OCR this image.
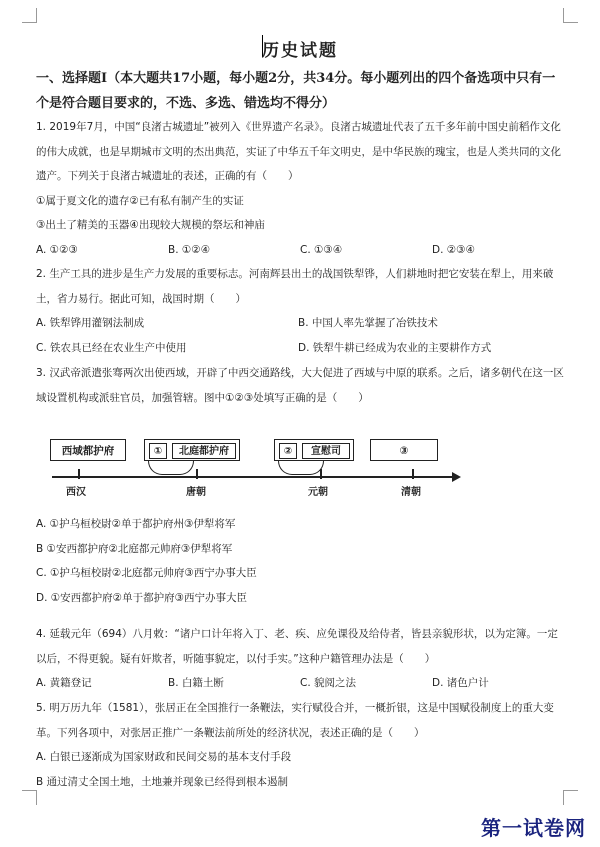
历史试题
一、选择题Ⅰ（本大题共17小题，每小题2分，共34分。每小题列出的四个备选项中只有一个是符合题目要求的，不选、多选、错选均不得分）

1. 2019年7月，中国“良渚古城遗址”被列入《世界遗产名录》。良渚古城遗址代表了五千多年前中国史前稻作文化的伟大成就，也是早期城市文明的杰出典范，实证了中华五千年文明史，是中华民族的瑰宝，也是人类共同的文化遗产。下列关于良渚古城遗址的表述，正确的有（　　）

①属于夏文化的遗存②已有私有制产生的实证

③出土了精美的玉器④出现较大规模的祭坛和神庙

A. ①②③	B. ①②④	C. ①③④	D. ②③④

2. 生产工具的进步是生产力发展的重要标志。河南辉县出土的战国铁犁铧，人们耕地时把它安装在犁上，用来破土，省力易行。据此可知，战国时期（　　）

A. 铁犁铧用灌钢法制成	B. 中国人率先掌握了冶铁技术
C. 铁农具已经在农业生产中使用	D. 铁犁牛耕已经成为农业的主要耕作方式

3. 汉武帝派遣张骞两次出使西域，开辟了中西交通路线，大大促进了西域与中原的联系。之后，诸多朝代在这一区域设置机构或派驻官员，加强管辖。图中①②③处填写正确的是（　　）

西域都护府	①	北庭都护府	②	宣慰司	③
西汉	唐朝	元朝	清朝

A. ①护乌桓校尉②单于都护府州③伊犁将军

B ①安西都护府②北庭都元帅府③伊犁将军

C. ①护乌桓校尉②北庭都元帅府③西宁办事大臣

D. ①安西都护府②单于都护府③西宁办事大臣

4. 延载元年（694）八月敕：“诸户口计年将入丁、老、疾、应免课役及给侍者，皆县亲貌形状，以为定簿。一定以后，不得更貌。疑有奸欺者，听随事貌定，以付手实。”这种户籍管理办法是（　　）

A. 黄籍登记	B. 白籍土断	C. 貌阅之法	D. 诸色户计

5. 明万历九年（1581），张居正在全国推行一条鞭法，实行赋役合并，一概折银，这是中国赋役制度上的重大变革。下列各项中，对张居正推广一条鞭法前所处的经济状况，表述正确的是（　　）

A. 白银已逐渐成为国家财政和民间交易的基本支付手段

B 通过清丈全国土地，土地兼并现象已经得到根本遏制

第一试卷网
